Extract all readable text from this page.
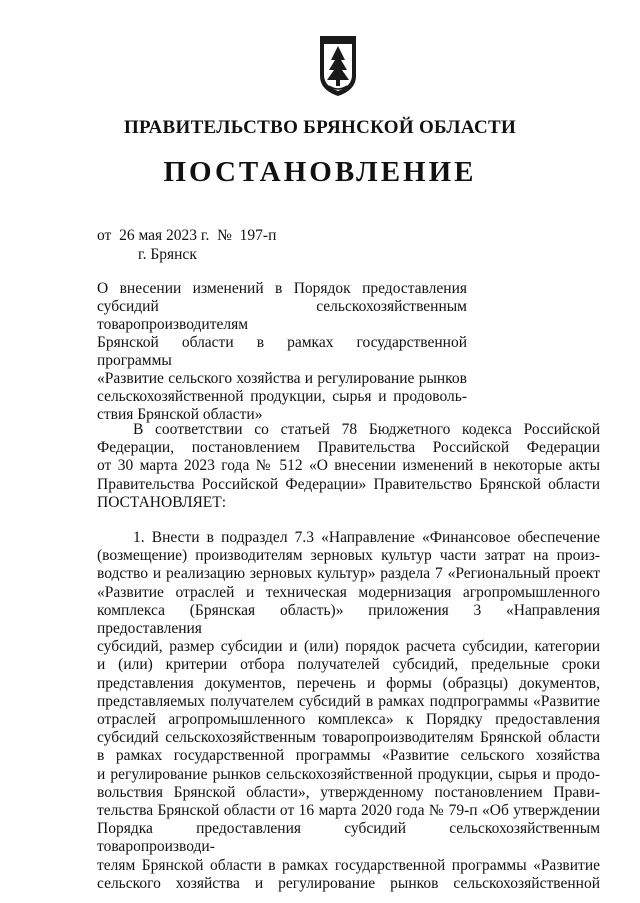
ПРАВИТЕЛЬСТВО БРЯНСКОЙ ОБЛАСТИ
ПОСТАНОВЛЕНИЕ
от  26 мая 2023 г.  №  197-п
г. Брянск
О внесении изменений в Порядок предоставления
субсидий сельскохозяйственным товаропроизводителям
Брянской области в рамках государственной программы
«Развитие сельского хозяйства и регулирование рынков
сельскохозяйственной продукции, сырья и продоволь-
ствия Брянской области»
В соответствии со статьей 78 Бюджетного кодекса Российской
Федерации, постановлением Правительства Российской Федерации
от 30 марта 2023 года № 512 «О внесении изменений в некоторые акты
Правительства Российской Федерации» Правительство Брянской области
ПОСТАНОВЛЯЕТ:
1. Внести в подраздел 7.3 «Направление «Финансовое обеспечение
(возмещение) производителям зерновых культур части затрат на произ-
водство и реализацию зерновых культур» раздела 7 «Региональный проект
«Развитие отраслей и техническая модернизация агропромышленного
комплекса (Брянская область)» приложения 3 «Направления предоставления
субсидий, размер субсидии и (или) порядок расчета субсидии, категории
и (или) критерии отбора получателей субсидий, предельные сроки
представления документов, перечень и формы (образцы) документов,
представляемых получателем субсидий в рамках подпрограммы «Развитие
отраслей агропромышленного комплекса» к Порядку предоставления
субсидий сельскохозяйственным товаропроизводителям Брянской области
в рамках государственной программы «Развитие сельского хозяйства
и регулирование рынков сельскохозяйственной продукции, сырья и продо-
вольствия Брянской области», утвержденному постановлением Прави-
тельства Брянской области от 16 марта 2020 года № 79-п «Об утверждении
Порядка предоставления субсидий сельскохозяйственным товаропроизводи-
телям Брянской области в рамках государственной программы «Развитие
сельского хозяйства и регулирование рынков сельскохозяйственной
